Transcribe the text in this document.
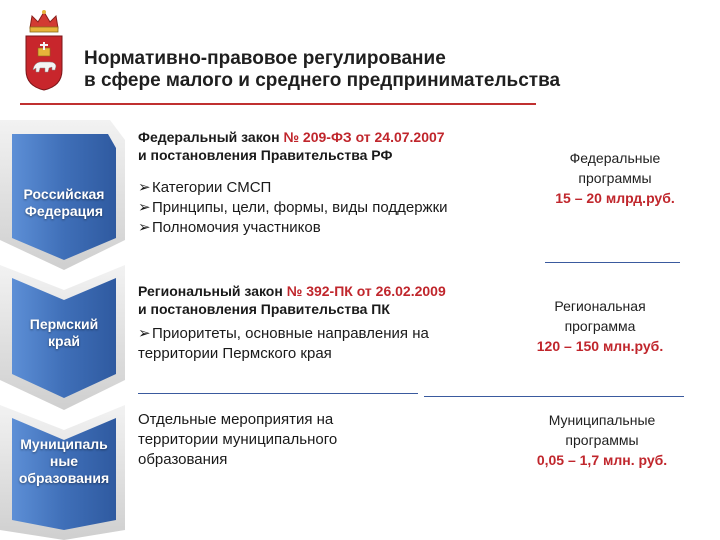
Нормативно-правовое регулирование
в сфере малого и среднего предпринимательства
Российская
Федерация
Пермский
край
Муниципаль
ные
образования

Федеральный закон № 209-ФЗ от 24.07.2007

и постановления Правительства РФ

➢ Категории СМСП
➢ Принципы, цели, формы, виды поддержки
➢ Полномочия участников
Федеральные
программы
15 – 20 млрд.руб.

Региональный закон № 392-ПК от 26.02.2009

и постановления Правительства ПК

➢ Приоритеты, основные направления на
территории Пермского края
Региональная
программа
120 – 150 млн.руб.
Отдельные мероприятия на
территории муниципального
образования
Муниципальные
программы
0,05 – 1,7 млн. руб.
